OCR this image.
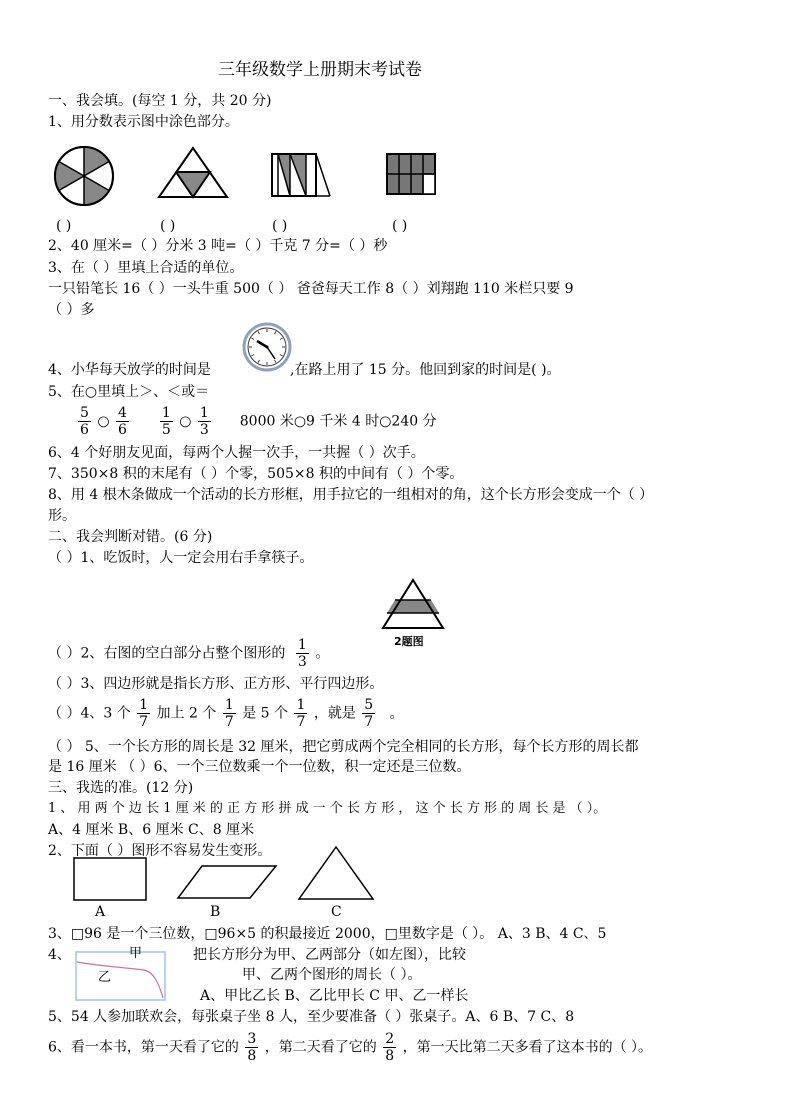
三年级数学上册期末考试卷
一、我会填。(每空 1 分，共 20 分)
1、用分数表示图中涂色部分。
( )	( )	( )	( )
2、40 厘米=（ ）分米 3 吨=（ ）千克 7 分=（ ）秒
3、在（ ）里填上合适的单位。
一只铅笔长 16（ ）一头牛重 500（ ） 爸爸每天工作 8（ ）刘翔跑 110 米栏只要 9
（ ）多
4、小华每天放学的时间是	,在路上用了 15 分。他回到家的时间是( )。
5、在○里填上＞、＜或＝
$\frac{5}{6}$ ○ $\frac{4}{6}$
$\frac{1}{5}$ ○ $\frac{1}{3} 8000$ 米○9 千米 4 时○240 分
6、4 个好朋友见面，每两个人握一次手，一共握（ ）次手。
7、350×8 积的末尾有（ ）个零，505×8 积的中间有（ ）个零。
8、用 4 根木条做成一个活动的长方形框，用手拉它的一组相对的角，这个长方形会变成一个（ ）
形。
二、我会判断对错。(6 分)
（ ）1、吃饭时，人一定会用右手拿筷子。
2题图
（ ）2、右图的空白部分占整个图形的 $\frac{1}{3}$ 。
（ ）3、四边形就是指长方形、正方形、平行四边形。
（ ）4、3 个 $\frac{1}{7}$ 加上 2 个 $\frac{1}{7}$ 是 5 个 $\frac{1}{7}$ ，就是 $\frac{5}{7}$ 。
（ ） 5、一个长方形的周长是 32 厘米，把它剪成两个完全相同的长方形，每个长方形的周长都
是 16 厘米 （ ）6、一个三位数乘一个一位数，积一定还是三位数。
三、我选的准。(12 分)
1 、 用 两 个 边 长 1 厘 米 的 正 方 形 拼 成 一 个 长 方 形 ， 这 个 长 方 形 的 周 长 是 （ ）。
A、4 厘米 B、6 厘米 C、8 厘米
2、下面（ ）图形不容易发生变形。
A	B	C
3、□96 是一个三位数，□96×5 的积最接近 2000，□里数字是（ ）。 A、3 B、4 C、5
4、	甲
乙
把长方形分为甲、乙两部分（如左图），比较
甲、乙两个图形的周长（ ）。
A、甲比乙长 B、乙比甲长 C 甲、乙一样长
5、54 人参加联欢会，每张桌子坐 8 人，至少要准备（ ）张桌子。A、6 B、7 C、8
6、看一本书，第一天看了它的 $\frac{3}{8}$ ，第二天看了它的 $\frac{2}{8}$ ，第一天比第二天多看了这本书的（ ）。
